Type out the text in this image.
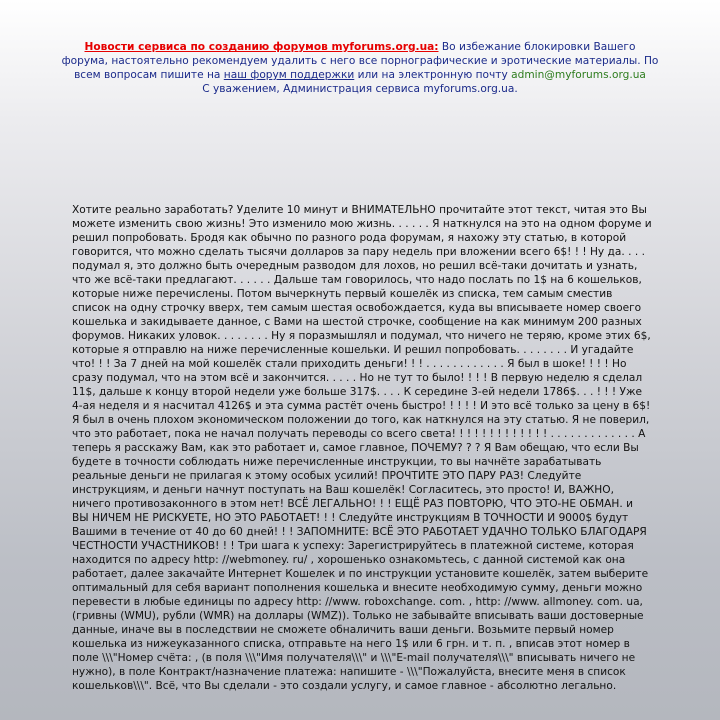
Новости сервиса по созданию форумов myforums.org.ua: Во избежание блокировки Вашего форума, настоятельно рекомендуем удалить с него все порнографические и эротические материалы. По всем вопросам пишите на наш форум поддержки или на электронную почту admin@myforums.org.ua
С уважением, Администрация сервиса myforums.org.ua.
Хотите реально заработать? Уделите 10 минут и ВНИМАТЕЛЬНО прочитайте этот текст, читая это Вы можете изменить свою жизнь! Это изменило мою жизнь. . . . . . Я наткнулся на это на одном форуме и решил попробовать. Бродя как обычно по разного рода форумам, я нахожу эту статью, в которой говорится, что можно сделать тысячи долларов за пару недель при вложении всего 6$! ! ! Ну да. . . . подумал я, это должно быть очередным разводом для лохов, но решил всё-таки дочитать и узнать, что же всё-таки предлагают. . . . . . Дальше там говорилось, что надо послать по 1$ на 6 кошельков, которые ниже перечислены. Потом вычеркнуть первый кошелёк из списка, тем самым сместив список на одну строчку вверх, тем самым шестая освобождается, куда вы вписываете номер своего кошелька и закидываете данное, с Вами на шестой строчке, сообщение на как минимум 200 разных форумов. Никаких уловок. . . . . . . . Ну я поразмышлял и подумал, что ничего не теряю, кроме этих 6$, которые я отправлю на ниже перечисленные кошельки. И решил попробовать. . . . . . . . И угадайте что! ! ! За 7 дней на мой кошелёк стали приходить деньги! ! ! . . . . . . . . . . . . Я был в шоке! ! ! ! Но сразу подумал, что на этом всё и закончится. . . . . Но не тут то было! ! ! ! В первую неделю я сделал 11$, дальше к концу второй недели уже больше 317$. . . . К середине 3-ей недели 1786$. . . ! ! ! Уже 4-ая неделя и я насчитал 4126$ и эта сумма растёт очень быстро! ! ! ! ! И это всё только за цену в 6$! Я был в очень плохом экономическом положении до того, как наткнулся на эту статью. Я не поверил, что это работает, пока не начал получать переводы со всего света! ! ! ! ! ! ! ! ! ! ! ! ! . . . . . . . . . . . . . А теперь я расскажу Вам, как это работает и, самое главное, ПОЧЕМУ? ? ? Я Вам обещаю, что если Вы будете в точности соблюдать ниже перечисленные инструкции, то вы начнёте зарабатывать реальные деньги не прилагая к этому особых усилий! ПРОЧТИТЕ ЭТО ПАРУ РАЗ! Следуйте инструкциям, и деньги начнут поступать на Ваш кошелёк! Согласитесь, это просто! И, ВАЖНО, ничего противозаконного в этом нет! ВСЁ ЛЕГАЛЬНО! ! ! ЕЩЁ РАЗ ПОВТОРЮ, ЧТО ЭТО-НЕ ОБМАН. и ВЫ НИЧЕМ НЕ РИСКУЕТЕ, НО ЭТО РАБОТАЕТ! ! ! Следуйте инструкциям В ТОЧНОСТИ И 9000$ будут Вашими в течение от 40 до 60 дней! ! ! ЗАПОМНИТЕ: ВСЁ ЭТО РАБОТАЕТ УДАЧНО ТОЛЬКО БЛАГОДАРЯ ЧЕСТНОСТИ УЧАСТНИКОВ! ! ! Три шага к успеху: Зарегистрируйтесь в платежной системе, которая находится по адресу http: //webmoney. ru/ , хорошенько ознакомьтесь, с данной системой как она работает, далее закачайте Интернет Кошелек и по инструкции установите кошелёк, затем выберите оптимальный для себя вариант пополнения кошелька и внесите необходимую сумму, деньги можно перевести в любые единицы по адресу http: //www. roboxchange. com. , http: //www. allmoney. com. ua, (гривны (WMU), рубли (WMR) на доллары (WMZ)). Только не забывайте вписывать ваши достоверные данные, иначе вы в последствии не сможете обналичить ваши деньги. Возьмите первый номер кошелька из нижеуказанного списка, отправьте на него 1$ или 6 грн. и т. п. , вписав этот номер в поле \\\"Номер счёта: , (в поля \\\"Имя получателя\\\" и \\\"E-mail получателя\\\" вписывать ничего не нужно), в поле Контракт/назначение платежа: напишите - \\\"Пожалуйста, внесите меня в список кошельков\\\". Всё, что Вы сделали - это создали услугу, и самое главное - абсолютно легально.
